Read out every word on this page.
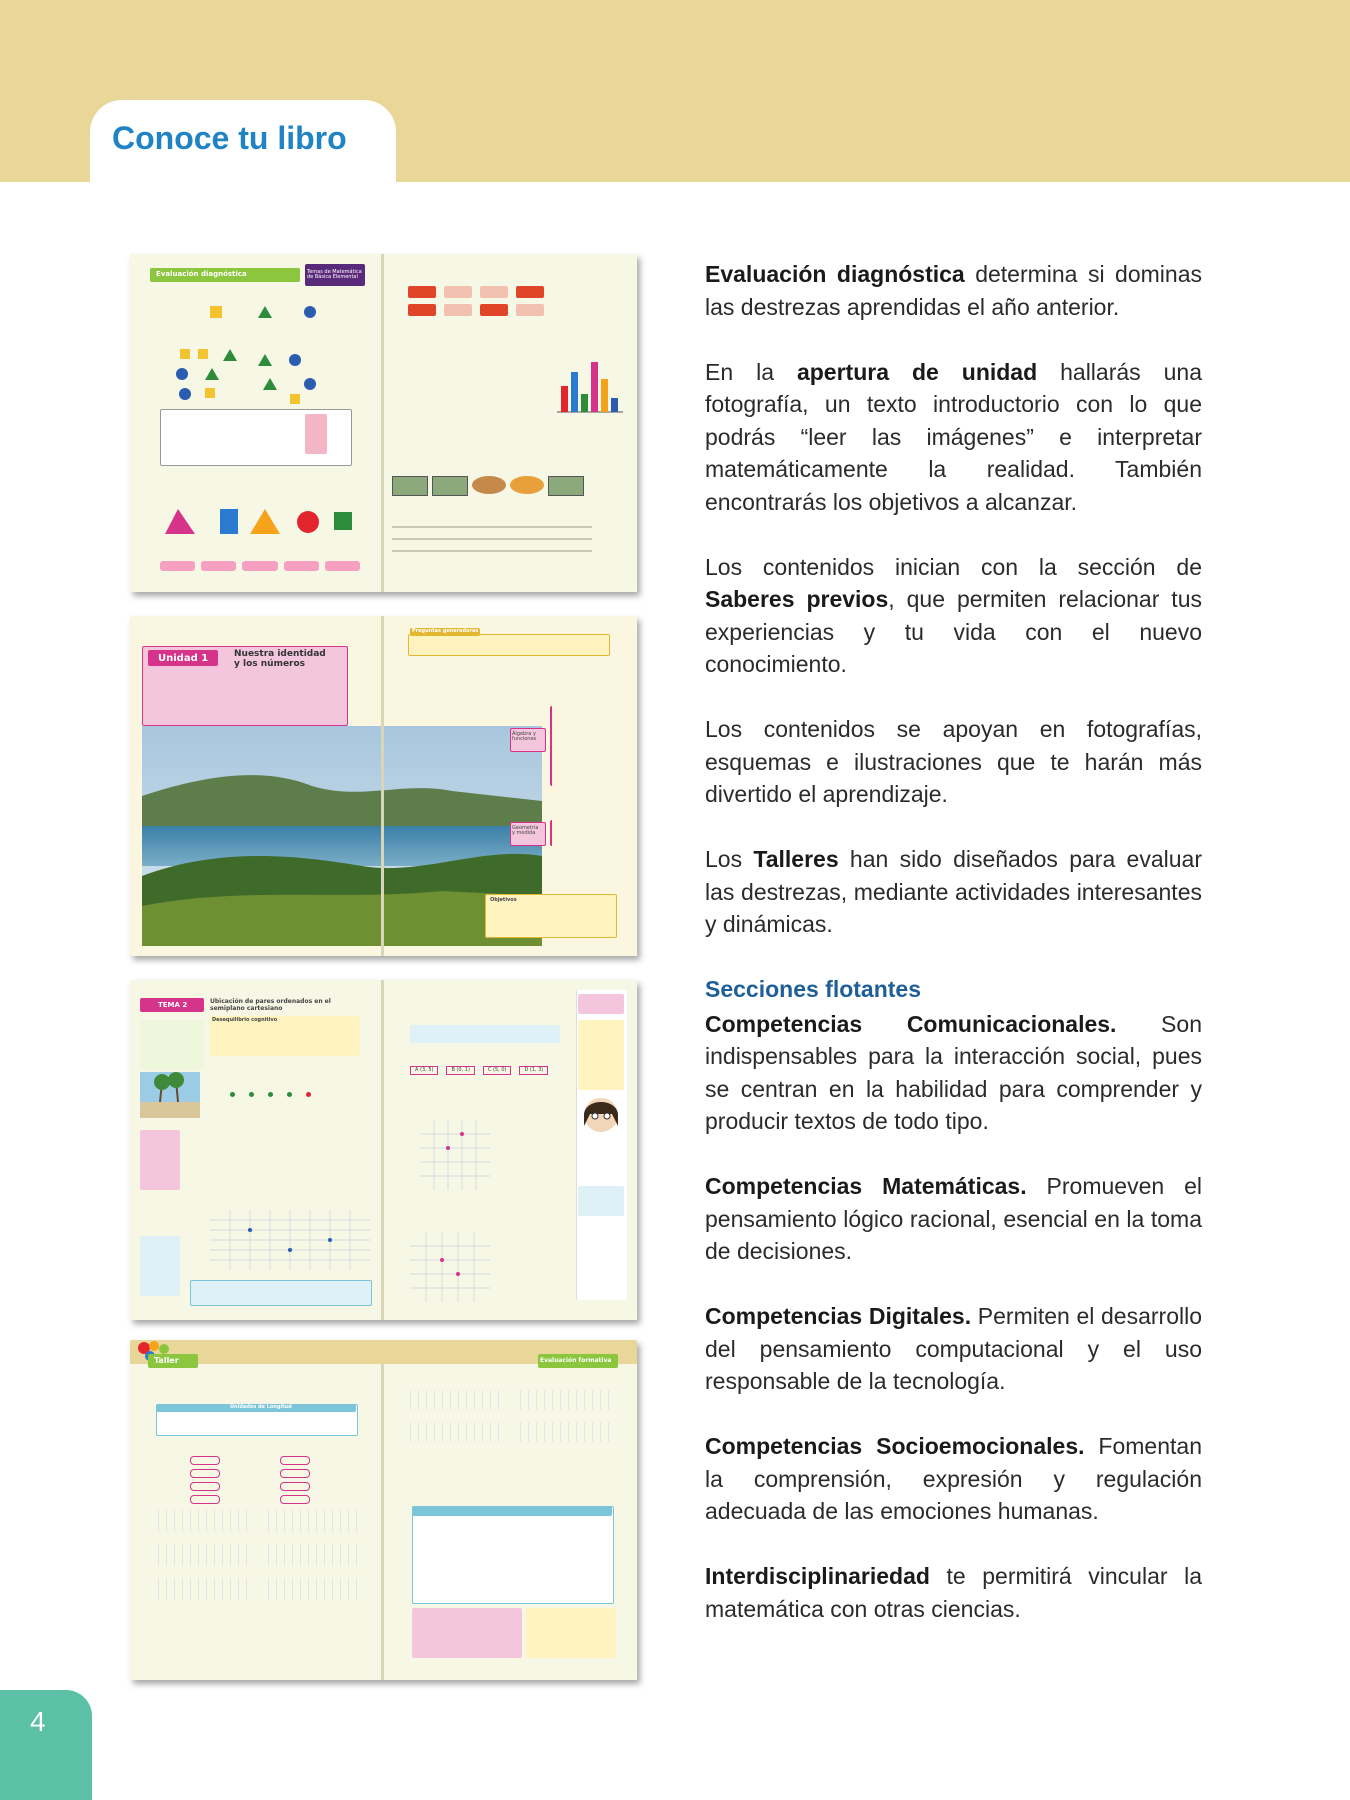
Conoce tu libro
Evaluación diagnóstica	Temas de Matemática de Básica Elemental
Unidad 1	Nuestra identidad y los números
Preguntas generadoras
Álgebra y funciones
Geometría y medida
Objetivos
TEMA 2	Ubicación de pares ordenados en el semiplano cartesiano
Desequilibrio cognitivo
A (3, 5)	B (0, 1)	C (5, 0)	D (1, 3)
Taller	Evaluación formativa
Unidades de Longitud

Evaluación diagnóstica determina si dominas las destrezas aprendidas el año anterior.

En la apertura de unidad hallarás una fotografía, un texto introductorio con lo que podrás “leer las imágenes” e interpretar matemáticamente la realidad. También encontrarás los objetivos a alcanzar.

Los contenidos inician con la sección de Saberes previos, que permiten relacionar tus experiencias y tu vida con el nuevo conocimiento.

Los contenidos se apoyan en fotografías, esquemas e ilustraciones que te harán más divertido el aprendizaje.

Los Talleres han sido diseñados para evaluar las destrezas, mediante actividades interesantes y dinámicas.

Secciones flotantes

Competencias Comunicacionales. Son indispensables para la interacción social, pues se centran en la habilidad para comprender y producir textos de todo tipo.

Competencias Matemáticas. Promueven el pensamiento lógico racional, esencial en la toma de decisiones.

Competencias Digitales. Permiten el desarrollo del pensamiento computacional y el uso responsable de la tecnología.

Competencias Socioemocionales. Fomentan la comprensión, expresión y regulación adecuada de las emociones humanas.

Interdisciplinariedad te permitirá vincular la matemática con otras ciencias.

4
